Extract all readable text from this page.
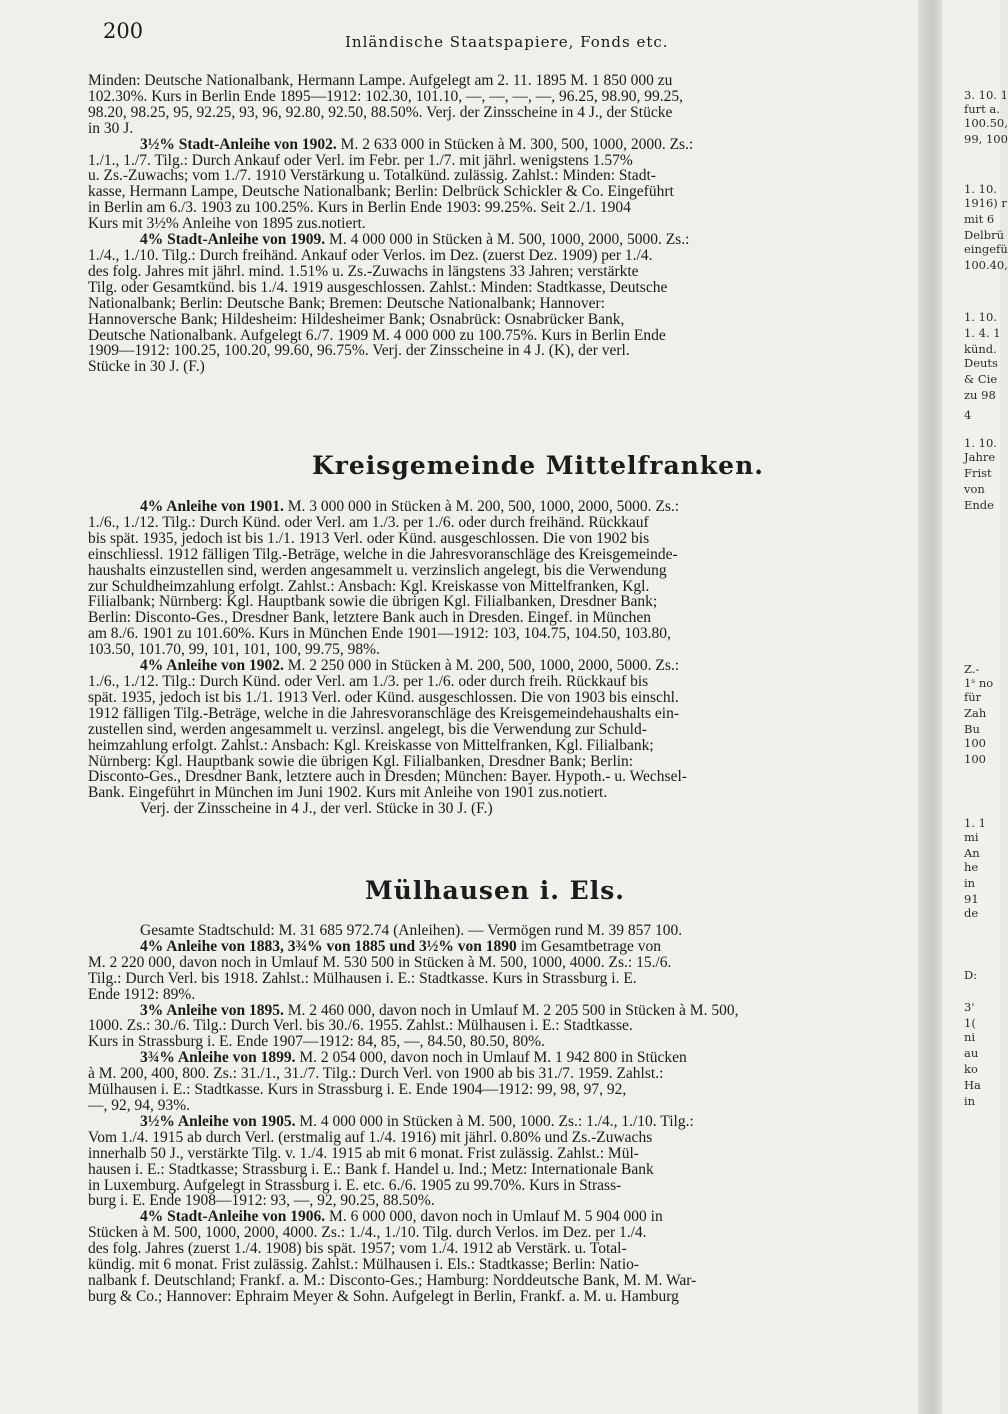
200	Inländische Staatspapiere, Fonds etc.

Minden: Deutsche Nationalbank, Hermann Lampe. Aufgelegt am 2. 11. 1895 M. 1 850 000 zu

102.30%. Kurs in Berlin Ende 1895—1912: 102.30, 101.10, —, —, —, —, 96.25, 98.90, 99.25,

98.20, 98.25, 95, 92.25, 93, 96, 92.80, 92.50, 88.50%. Verj. der Zinsscheine in 4 J., der Stücke

in 30 J.

3½% Stadt-Anleihe von 1902. M. 2 633 000 in Stücken à M. 300, 500, 1000, 2000. Zs.:

1./1., 1./7. Tilg.: Durch Ankauf oder Verl. im Febr. per 1./7. mit jährl. wenigstens 1.57%

u. Zs.-Zuwachs; vom 1./7. 1910 Verstärkung u. Totalkünd. zulässig. Zahlst.: Minden: Stadt-

kasse, Hermann Lampe, Deutsche Nationalbank; Berlin: Delbrück Schickler & Co. Eingeführt

in Berlin am 6./3. 1903 zu 100.25%. Kurs in Berlin Ende 1903: 99.25%. Seit 2./1. 1904

Kurs mit 3½% Anleihe von 1895 zus.notiert.

4% Stadt-Anleihe von 1909. M. 4 000 000 in Stücken à M. 500, 1000, 2000, 5000. Zs.:

1./4., 1./10. Tilg.: Durch freihänd. Ankauf oder Verlos. im Dez. (zuerst Dez. 1909) per 1./4.

des folg. Jahres mit jährl. mind. 1.51% u. Zs.-Zuwachs in längstens 33 Jahren; verstärkte

Tilg. oder Gesamtkünd. bis 1./4. 1919 ausgeschlossen. Zahlst.: Minden: Stadtkasse, Deutsche

Nationalbank; Berlin: Deutsche Bank; Bremen: Deutsche Nationalbank; Hannover:

Hannoversche Bank; Hildesheim: Hildesheimer Bank; Osnabrück: Osnabrücker Bank,

Deutsche Nationalbank. Aufgelegt 6./7. 1909 M. 4 000 000 zu 100.75%. Kurs in Berlin Ende

1909—1912: 100.25, 100.20, 99.60, 96.75%. Verj. der Zinsscheine in 4 J. (K), der verl.

Stücke in 30 J. (F.)

Kreisgemeinde Mittelfranken.

4% Anleihe von 1901. M. 3 000 000 in Stücken à M. 200, 500, 1000, 2000, 5000. Zs.:

1./6., 1./12. Tilg.: Durch Künd. oder Verl. am 1./3. per 1./6. oder durch freihänd. Rückkauf

bis spät. 1935, jedoch ist bis 1./1. 1913 Verl. oder Künd. ausgeschlossen. Die von 1902 bis

einschliessl. 1912 fälligen Tilg.-Beträge, welche in die Jahresvoranschläge des Kreisgemeinde-

haushalts einzustellen sind, werden angesammelt u. verzinslich angelegt, bis die Verwendung

zur Schuldheimzahlung erfolgt. Zahlst.: Ansbach: Kgl. Kreiskasse von Mittelfranken, Kgl.

Filialbank; Nürnberg: Kgl. Hauptbank sowie die übrigen Kgl. Filialbanken, Dresdner Bank;

Berlin: Disconto-Ges., Dresdner Bank, letztere Bank auch in Dresden. Eingef. in München

am 8./6. 1901 zu 101.60%. Kurs in München Ende 1901—1912: 103, 104.75, 104.50, 103.80,

103.50, 101.70, 99, 101, 101, 100, 99.75, 98%.

4% Anleihe von 1902. M. 2 250 000 in Stücken à M. 200, 500, 1000, 2000, 5000. Zs.:

1./6., 1./12. Tilg.: Durch Künd. oder Verl. am 1./3. per 1./6. oder durch freih. Rückkauf bis

spät. 1935, jedoch ist bis 1./1. 1913 Verl. oder Künd. ausgeschlossen. Die von 1903 bis einschl.

1912 fälligen Tilg.-Beträge, welche in die Jahresvoranschläge des Kreisgemeindehaushalts ein-

zustellen sind, werden angesammelt u. verzinsl. angelegt, bis die Verwendung zur Schuld-

heimzahlung erfolgt. Zahlst.: Ansbach: Kgl. Kreiskasse von Mittelfranken, Kgl. Filialbank;

Nürnberg: Kgl. Hauptbank sowie die übrigen Kgl. Filialbanken, Dresdner Bank; Berlin:

Disconto-Ges., Dresdner Bank, letztere auch in Dresden; München: Bayer. Hypoth.- u. Wechsel-

Bank. Eingeführt in München im Juni 1902. Kurs mit Anleihe von 1901 zus.notiert.

Verj. der Zinsscheine in 4 J., der verl. Stücke in 30 J. (F.)

Mülhausen i. Els.

Gesamte Stadtschuld: M. 31 685 972.74 (Anleihen). — Vermögen rund M. 39 857 100.

4% Anleihe von 1883, 3¾% von 1885 und 3½% von 1890 im Gesamtbetrage von

M. 2 220 000, davon noch in Umlauf M. 530 500 in Stücken à M. 500, 1000, 4000. Zs.: 15./6.

Tilg.: Durch Verl. bis 1918. Zahlst.: Mülhausen i. E.: Stadtkasse. Kurs in Strassburg i. E.

Ende 1912: 89%.

3% Anleihe von 1895. M. 2 460 000, davon noch in Umlauf M. 2 205 500 in Stücken à M. 500,

1000. Zs.: 30./6. Tilg.: Durch Verl. bis 30./6. 1955. Zahlst.: Mülhausen i. E.: Stadtkasse.

Kurs in Strassburg i. E. Ende 1907—1912: 84, 85, —, 84.50, 80.50, 80%.

3¾% Anleihe von 1899. M. 2 054 000, davon noch in Umlauf M. 1 942 800 in Stücken

à M. 200, 400, 800. Zs.: 31./1., 31./7. Tilg.: Durch Verl. von 1900 ab bis 31./7. 1959. Zahlst.:

Mülhausen i. E.: Stadtkasse. Kurs in Strassburg i. E. Ende 1904—1912: 99, 98, 97, 92,

—, 92, 94, 93%.

3½% Anleihe von 1905. M. 4 000 000 in Stücken à M. 500, 1000. Zs.: 1./4., 1./10. Tilg.:

Vom 1./4. 1915 ab durch Verl. (erstmalig auf 1./4. 1916) mit jährl. 0.80% und Zs.-Zuwachs

innerhalb 50 J., verstärkte Tilg. v. 1./4. 1915 ab mit 6 monat. Frist zulässig. Zahlst.: Mül-

hausen i. E.: Stadtkasse; Strassburg i. E.: Bank f. Handel u. Ind.; Metz: Internationale Bank

in Luxemburg. Aufgelegt in Strassburg i. E. etc. 6./6. 1905 zu 99.70%. Kurs in Strass-

burg i. E. Ende 1908—1912: 93, —, 92, 90.25, 88.50%.

4% Stadt-Anleihe von 1906. M. 6 000 000, davon noch in Umlauf M. 5 904 000 in

Stücken à M. 500, 1000, 2000, 4000. Zs.: 1./4., 1./10. Tilg. durch Verlos. im Dez. per 1./4.

des folg. Jahres (zuerst 1./4. 1908) bis spät. 1957; vom 1./4. 1912 ab Verstärk. u. Total-

kündig. mit 6 monat. Frist zulässig. Zahlst.: Mülhausen i. Els.: Stadtkasse; Berlin: Natio-

nalbank f. Deutschland; Frankf. a. M.: Disconto-Ges.; Hamburg: Norddeutsche Bank, M. M. War-

burg & Co.; Hannover: Ephraim Meyer & Sohn. Aufgelegt in Berlin, Frankf. a. M. u. Hamburg

3. 10. 1
furt a.
100.50,
99, 100
1. 10.
1916) r
mit 6
Delbrü
eingefü
100.40,
1. 10.
1. 4. 1
künd.
Deuts
& Cie
zu 98
4
1. 10.
Jahre
Frist
von
Ende
Z.-
1ˢ no
für
Zah
Bu
100
100
1. 1
mi
An
he
in
91
de
D:
3'
1(
ni
au
ko
Ha
in
